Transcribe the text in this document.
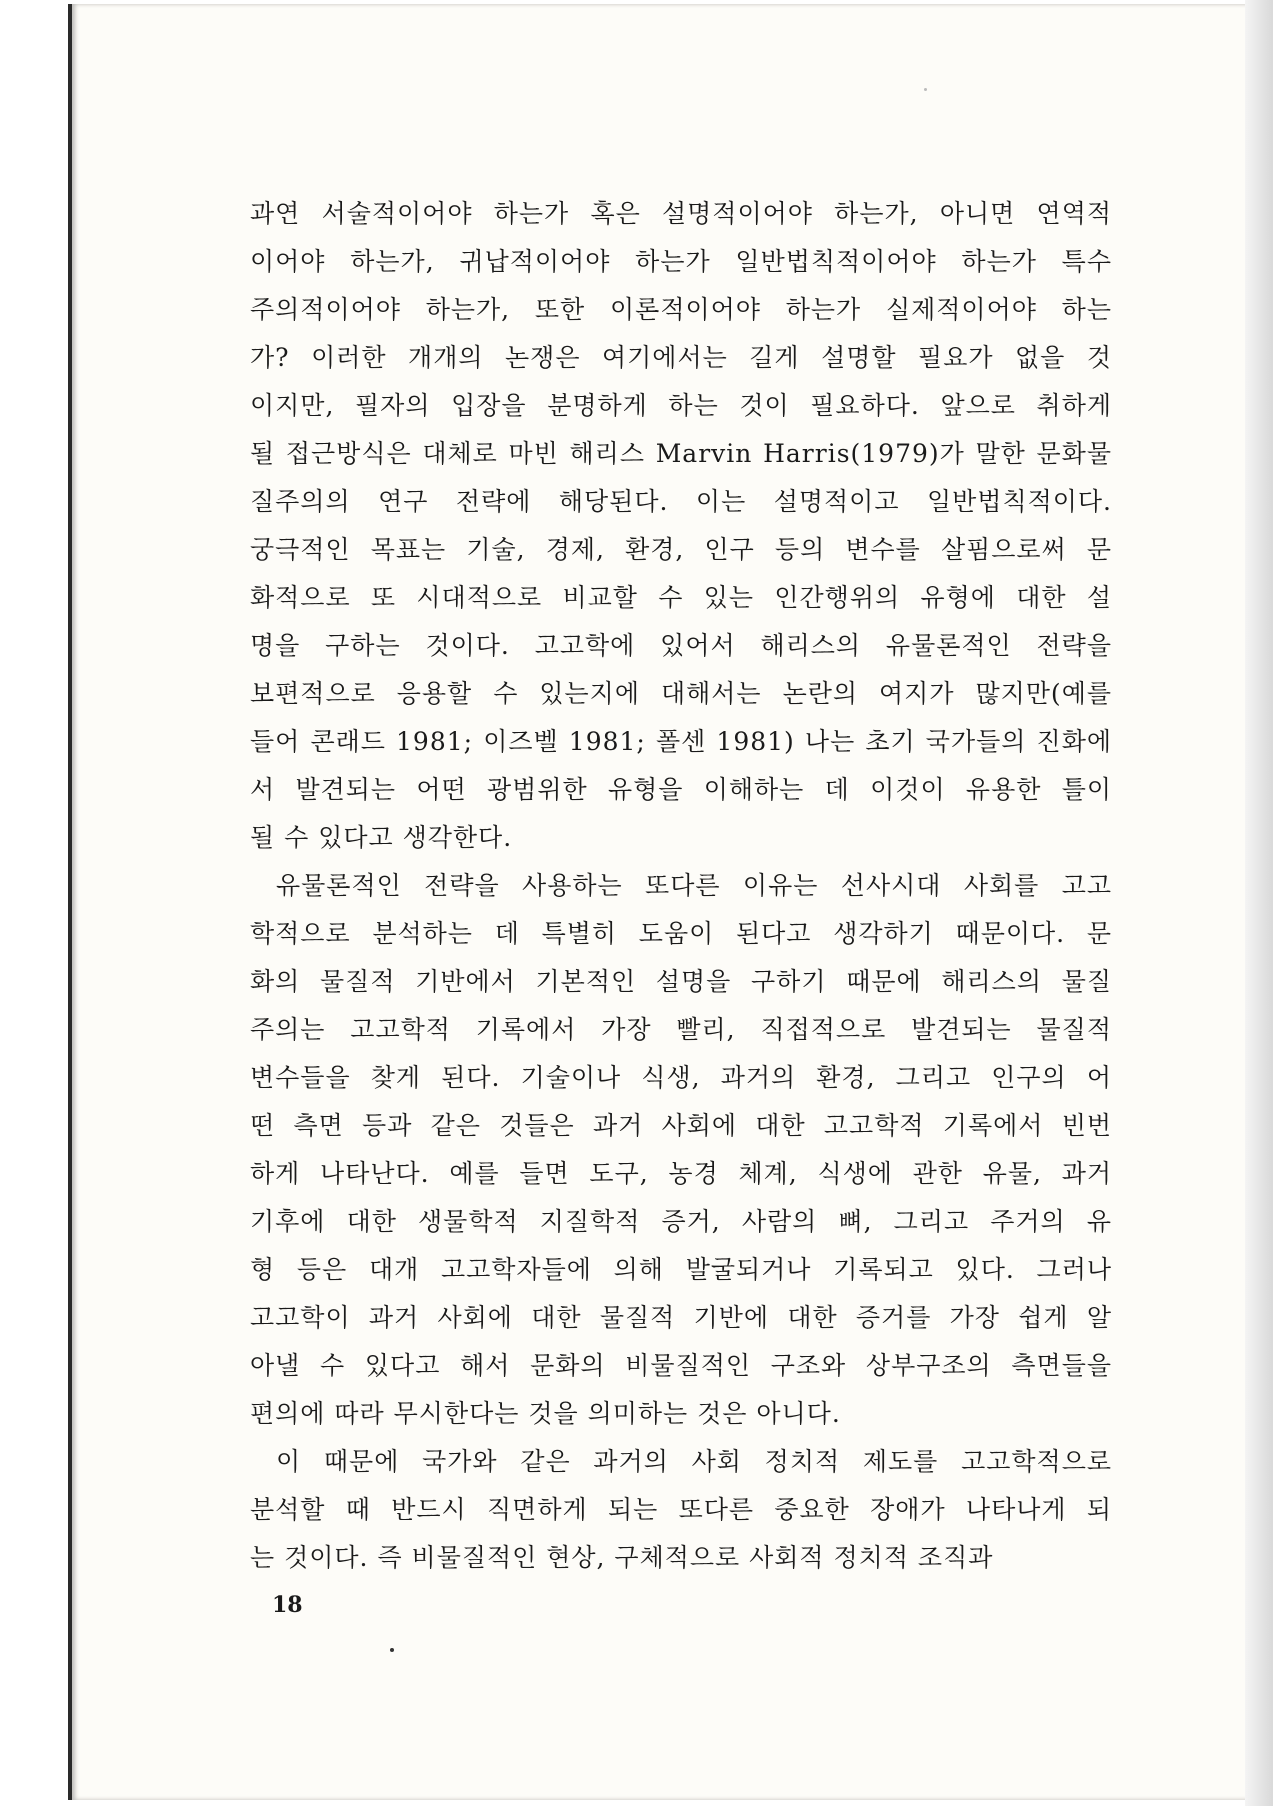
과연 서술적이어야 하는가 혹은 설명적이어야 하는가, 아니면 연역적
이어야 하는가, 귀납적이어야 하는가 일반법칙적이어야 하는가 특수
주의적이어야 하는가, 또한 이론적이어야 하는가 실제적이어야 하는
가? 이러한 개개의 논쟁은 여기에서는 길게 설명할 필요가 없을 것
이지만, 필자의 입장을 분명하게 하는 것이 필요하다. 앞으로 취하게
될 접근방식은 대체로 마빈 해리스 Marvin Harris(1979)가 말한 문화물
질주의의 연구 전략에 해당된다. 이는 설명적이고 일반법칙적이다.
궁극적인 목표는 기술, 경제, 환경, 인구 등의 변수를 살핌으로써 문
화적으로 또 시대적으로 비교할 수 있는 인간행위의 유형에 대한 설
명을 구하는 것이다. 고고학에 있어서 해리스의 유물론적인 전략을
보편적으로 응용할 수 있는지에 대해서는 논란의 여지가 많지만(예를
들어 콘래드 1981; 이즈벨 1981; 폴센 1981) 나는 초기 국가들의 진화에
서 발견되는 어떤 광범위한 유형을 이해하는 데 이것이 유용한 틀이
될 수 있다고 생각한다.
유물론적인 전략을 사용하는 또다른 이유는 선사시대 사회를 고고
학적으로 분석하는 데 특별히 도움이 된다고 생각하기 때문이다. 문
화의 물질적 기반에서 기본적인 설명을 구하기 때문에 해리스의 물질
주의는 고고학적 기록에서 가장 빨리, 직접적으로 발견되는 물질적
변수들을 찾게 된다. 기술이나 식생, 과거의 환경, 그리고 인구의 어
떤 측면 등과 같은 것들은 과거 사회에 대한 고고학적 기록에서 빈번
하게 나타난다. 예를 들면 도구, 농경 체계, 식생에 관한 유물, 과거
기후에 대한 생물학적 지질학적 증거, 사람의 뼈, 그리고 주거의 유
형 등은 대개 고고학자들에 의해 발굴되거나 기록되고 있다. 그러나
고고학이 과거 사회에 대한 물질적 기반에 대한 증거를 가장 쉽게 알
아낼 수 있다고 해서 문화의 비물질적인 구조와 상부구조의 측면들을
편의에 따라 무시한다는 것을 의미하는 것은 아니다.
이 때문에 국가와 같은 과거의 사회 정치적 제도를 고고학적으로
분석할 때 반드시 직면하게 되는 또다른 중요한 장애가 나타나게 되
는 것이다. 즉 비물질적인 현상, 구체적으로 사회적 정치적 조직과
18
